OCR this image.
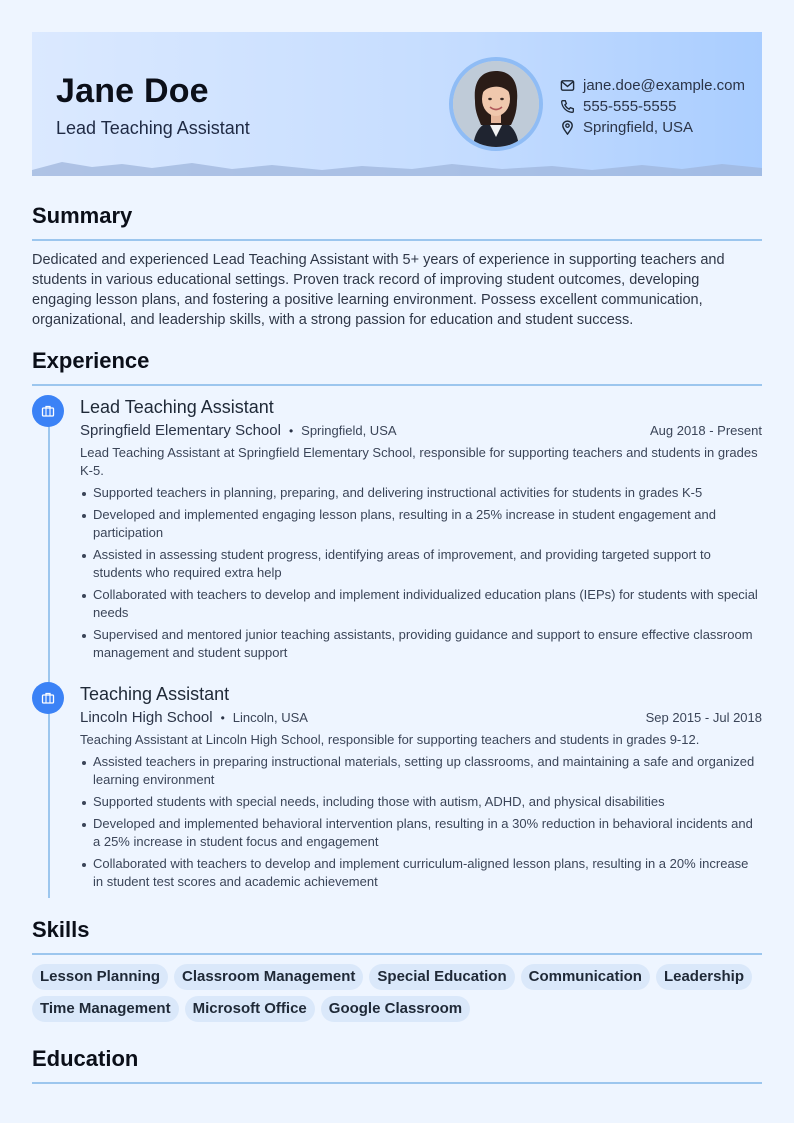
Jane Doe
Lead Teaching Assistant
jane.doe@example.com
555-555-5555
Springfield, USA
Summary

Dedicated and experienced Lead Teaching Assistant with 5+ years of experience in supporting teachers and students in various educational settings. Proven track record of improving student outcomes, developing engaging lesson plans, and fostering a positive learning environment. Possess excellent communication, organizational, and leadership skills, with a strong passion for education and student success.

Experience
Lead Teaching Assistant
Springfield Elementary School • Springfield, USA	Aug 2018 - Present
Lead Teaching Assistant at Springfield Elementary School, responsible for supporting teachers and students in grades K-5.
Supported teachers in planning, preparing, and delivering instructional activities for students in grades K-5
Developed and implemented engaging lesson plans, resulting in a 25% increase in student engagement and participation
Assisted in assessing student progress, identifying areas of improvement, and providing targeted support to students who required extra help
Collaborated with teachers to develop and implement individualized education plans (IEPs) for students with special needs
Supervised and mentored junior teaching assistants, providing guidance and support to ensure effective classroom management and student support
Teaching Assistant
Lincoln High School • Lincoln, USA	Sep 2015 - Jul 2018
Teaching Assistant at Lincoln High School, responsible for supporting teachers and students in grades 9-12.
Assisted teachers in preparing instructional materials, setting up classrooms, and maintaining a safe and organized learning environment
Supported students with special needs, including those with autism, ADHD, and physical disabilities
Developed and implemented behavioral intervention plans, resulting in a 30% reduction in behavioral incidents and a 25% increase in student focus and engagement
Collaborated with teachers to develop and implement curriculum-aligned lesson plans, resulting in a 20% increase in student test scores and academic achievement
Skills
Lesson Planning	Classroom Management	Special Education	Communication	Leadership
Time Management	Microsoft Office	Google Classroom
Education
